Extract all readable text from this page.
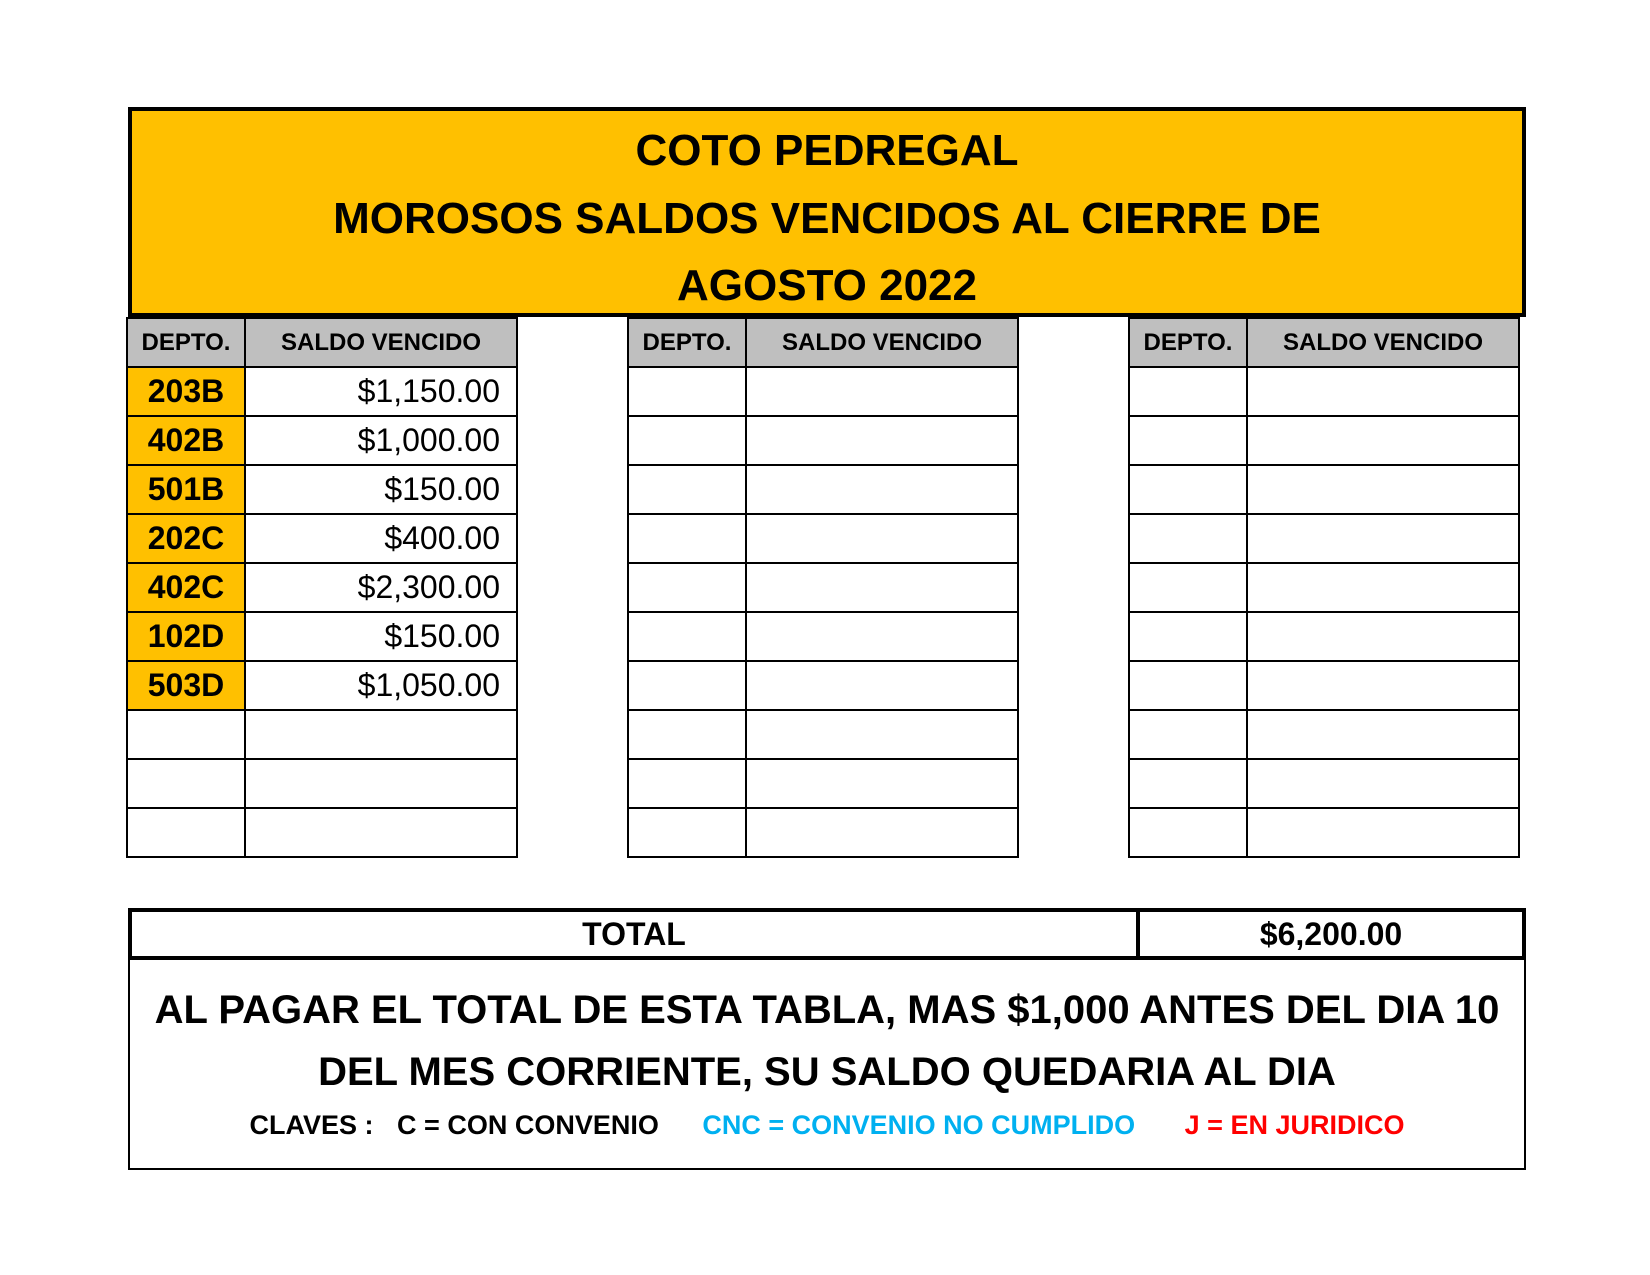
COTO PEDREGAL
MOROSOS SALDOS VENCIDOS AL CIERRE DE
AGOSTO 2022
DEPTO.	SALDO VENCIDO
203B	$1,150.00
402B	$1,000.00
501B	$150.00
202C	$400.00
402C	$2,300.00
102D	$150.00
503D	$1,050.00

DEPTO.	SALDO VENCIDO

		DEPTO.	SALDO VENCIDO

TOTAL	$6,200.00
AL PAGAR EL TOTAL DE ESTA TABLA, MAS $1,000 ANTES DEL DIA 10
DEL MES CORRIENTE, SU SALDO QUEDARIA AL DIA
CLAVES : C = CON CONVENIO CNC = CONVENIO NO CUMPLIDO J = EN JURIDICO
